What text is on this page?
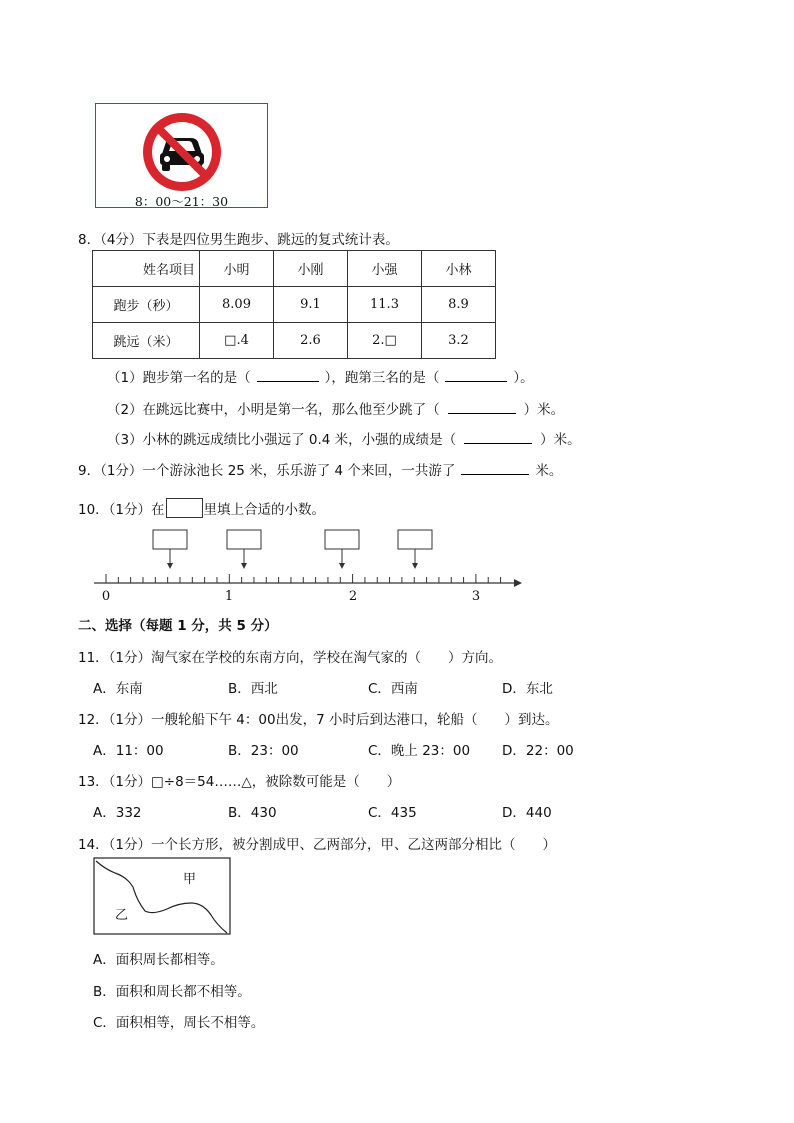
8：00～21：30
8．（4分）下表是四位男生跑步、跳远的复式统计表。
姓名项目	小明	小刚	小强	小林
跑步（秒）	8.09	9.1	11.3	8.9
跳远（米）	□.4	2.6	2.□	3.2
（1）跑步第一名的是（	），跑第三名的是（	）。
（2）在跳远比赛中，小明是第一名，那么他至少跳了（	）米。
（3）小林的跳远成绩比小强远了 0.4 米，小强的成绩是（	）米。
9．（1分）一个游泳池长 25 米，乐乐游了 4 个来回，一共游了	米。
10．（1分）在	里填上合适的小数。
0	1	2	3
二、选择（每题 1 分，共 5 分）
11．（1分）淘气家在学校的东南方向，学校在淘气家的（　　）方向。
A．东南	B．西北	C．西南	D．东北
12．（1分）一艘轮船下午 4：00出发，7 小时后到达港口，轮船（　　）到达。
A．11：00	B．23：00	C．晚上 23：00 D．22：00
13．（1分）□÷8＝54……△，被除数可能是（　　）
A．332	B．430	C．435	D．440
14．（1分）一个长方形，被分割成甲、乙两部分，甲、乙这两部分相比（　　）
甲
乙
A．面积周长都相等。
B．面积和周长都不相等。
C．面积相等，周长不相等。
